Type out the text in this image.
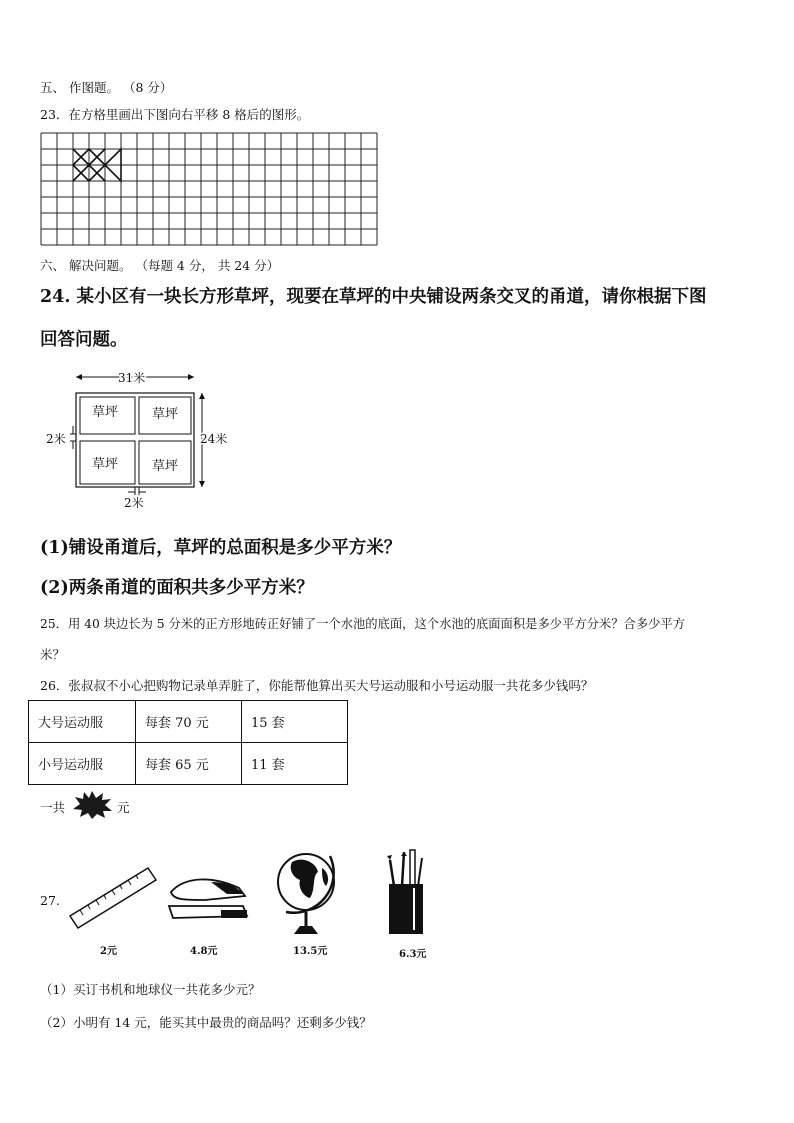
五、 作图题。 （8 分）
23．在方格里画出下图向右平移 8 格后的图形。
六、 解决问题。 （每题 4 分， 共 24 分）
24. 某小区有一块长方形草坪，现要在草坪的中央铺设两条交叉的甬道，请你根据下图
回答问题。
31米
草坪	草坪
草坪	草坪
24米
2米
2米
(1)铺设甬道后，草坪的总面积是多少平方米？
(2)两条甬道的面积共多少平方米？
25．用 40 块边长为 5 分米的正方形地砖正好铺了一个水池的底面，这个水池的底面面积是多少平方分米？合多少平方
米？
26．张叔叔不小心把购物记录单弄脏了，你能帮他算出买大号运动服和小号运动服一共花多少钱吗？
大号运动服	每套 70 元	15 套
小号运动服	每套 65 元	11 套
一共	元
27.
2元	4.8元	13.5元	6.3元
（1）买订书机和地球仪一共花多少元？
（2）小明有 14 元，能买其中最贵的商品吗？还剩多少钱？
